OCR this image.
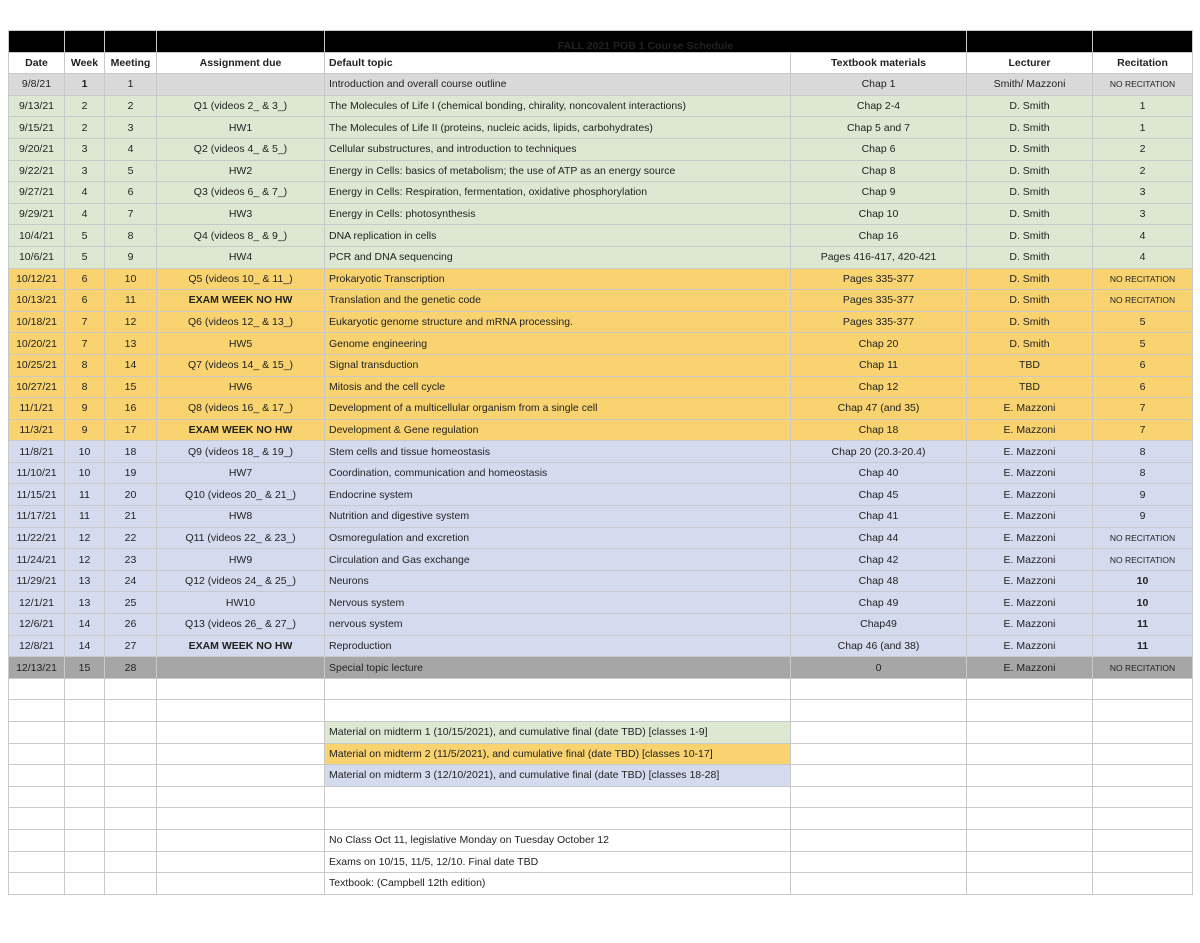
				FALL 2021 POB 1 Course Schedule			
Date	Week	Meeting	Assignment due	Default topic	Textbook materials	Lecturer	Recitation
9/8/21	1	1		Introduction and overall course outline	Chap 1	Smith/ Mazzoni	NO RECITATION
9/13/21	2	2	Q1 (videos 2_ & 3_)	The Molecules of Life I (chemical bonding, chirality, noncovalent interactions)	Chap 2-4	D. Smith	1
9/15/21	2	3	HW1	The Molecules of Life II (proteins, nucleic acids, lipids, carbohydrates)	Chap 5 and 7	D. Smith	1
9/20/21	3	4	Q2 (videos 4_ & 5_)	Cellular substructures, and introduction to techniques	Chap 6	D. Smith	2
9/22/21	3	5	HW2	Energy in Cells: basics of metabolism; the use of ATP as an energy source	Chap 8	D. Smith	2
9/27/21	4	6	Q3 (videos 6_ & 7_)	Energy in Cells: Respiration, fermentation, oxidative phosphorylation	Chap 9	D. Smith	3
9/29/21	4	7	HW3	Energy in Cells: photosynthesis	Chap 10	D. Smith	3
10/4/21	5	8	Q4 (videos 8_ & 9_)	DNA replication in cells	Chap 16	D. Smith	4
10/6/21	5	9	HW4	PCR and DNA sequencing	Pages 416-417, 420-421	D. Smith	4
10/12/21	6	10	Q5 (videos 10_ & 11_)	Prokaryotic Transcription	Pages 335-377	D. Smith	NO RECITATION
10/13/21	6	11	EXAM WEEK NO HW	Translation and the genetic code	Pages 335-377	D. Smith	NO RECITATION
10/18/21	7	12	Q6 (videos 12_ & 13_)	Eukaryotic genome structure and mRNA processing.	Pages 335-377	D. Smith	5
10/20/21	7	13	HW5	Genome engineering	Chap 20	D. Smith	5
10/25/21	8	14	Q7 (videos 14_ & 15_)	Signal transduction	Chap 11	TBD	6
10/27/21	8	15	HW6	Mitosis and the cell cycle	Chap 12	TBD	6
11/1/21	9	16	Q8 (videos 16_ & 17_)	Development of a multicellular organism from a single cell	Chap 47 (and 35)	E. Mazzoni	7
11/3/21	9	17	EXAM WEEK NO HW	Development & Gene regulation	Chap 18	E. Mazzoni	7
11/8/21	10	18	Q9 (videos 18_ & 19_)	Stem cells and tissue homeostasis	Chap 20 (20.3-20.4)	E. Mazzoni	8
11/10/21	10	19	HW7	Coordination, communication and homeostasis	Chap 40	E. Mazzoni	8
11/15/21	11	20	Q10 (videos 20_ & 21_)	Endocrine system	Chap 45	E. Mazzoni	9
11/17/21	11	21	HW8	Nutrition and digestive system	Chap 41	E. Mazzoni	9
11/22/21	12	22	Q11 (videos 22_ & 23_)	Osmoregulation and excretion	Chap 44	E. Mazzoni	NO RECITATION
11/24/21	12	23	HW9	Circulation and Gas exchange	Chap 42	E. Mazzoni	NO RECITATION
11/29/21	13	24	Q12 (videos 24_ & 25_)	Neurons	Chap 48	E. Mazzoni	10
12/1/21	13	25	HW10	Nervous system	Chap 49	E. Mazzoni	10
12/6/21	14	26	Q13 (videos 26_ & 27_)	nervous system	Chap49	E. Mazzoni	11
12/8/21	14	27	EXAM WEEK NO HW	Reproduction	Chap 46 (and 38)	E. Mazzoni	11
12/13/21	15	28		Special topic lecture	0	E. Mazzoni	NO RECITATION

				Material on midterm 1 (10/15/2021), and cumulative final (date TBD) [classes 1-9]			
				Material on midterm 2 (11/5/2021), and cumulative final (date TBD) [classes 10-17]			
				Material on midterm 3 (12/10/2021), and cumulative final (date TBD) [classes 18-28]			

				No Class Oct 11, legislative Monday on Tuesday October 12			
				Exams on 10/15, 11/5, 12/10. Final date TBD			
				Textbook: (Campbell 12th edition)			
